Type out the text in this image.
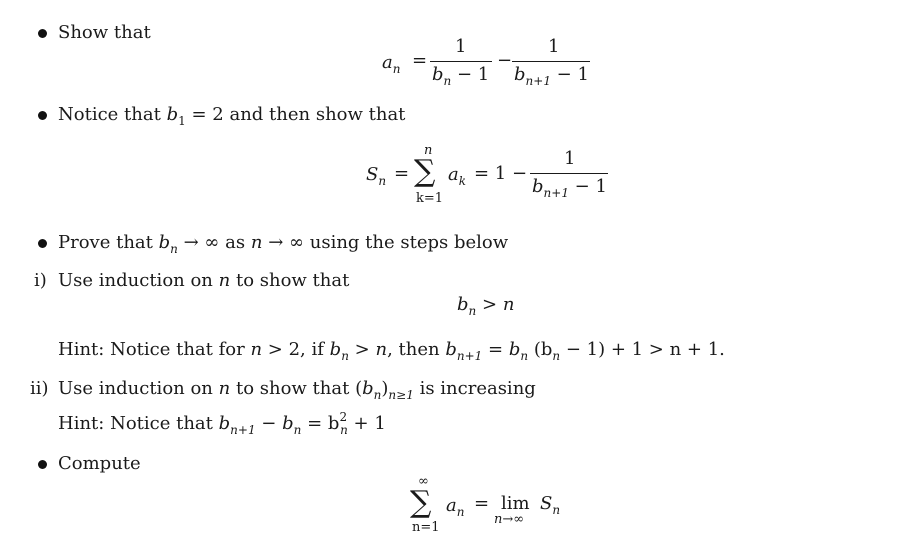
Show that
$a_n$ =
1
$b_n - 1$
−
1
$b_{n+1} - 1$
Notice that $b_1 = 2$ and then show that
$S_n$ =
n
∑
k=1
$a_k = 1$ −
1
$b_{n+1} - 1$
Prove that $b_n$ → ∞ as n → ∞ using the steps below
i) Use induction on n to show that
$b_n > n$
Hint: Notice that for n > 2, if $b_n > n$, then $b_{n+1} = b_n$ $(b_n - 1) + 1 > n + 1$.
ii) Use induction on n to show that $(b_n)_{n\ge 1}$ is increasing
Hint: Notice that $b_{n+1} - b_n = b^2_n + 1$
Compute
∞
∑
n=1
$a_n = \lim$
n→∞
$S_n$
